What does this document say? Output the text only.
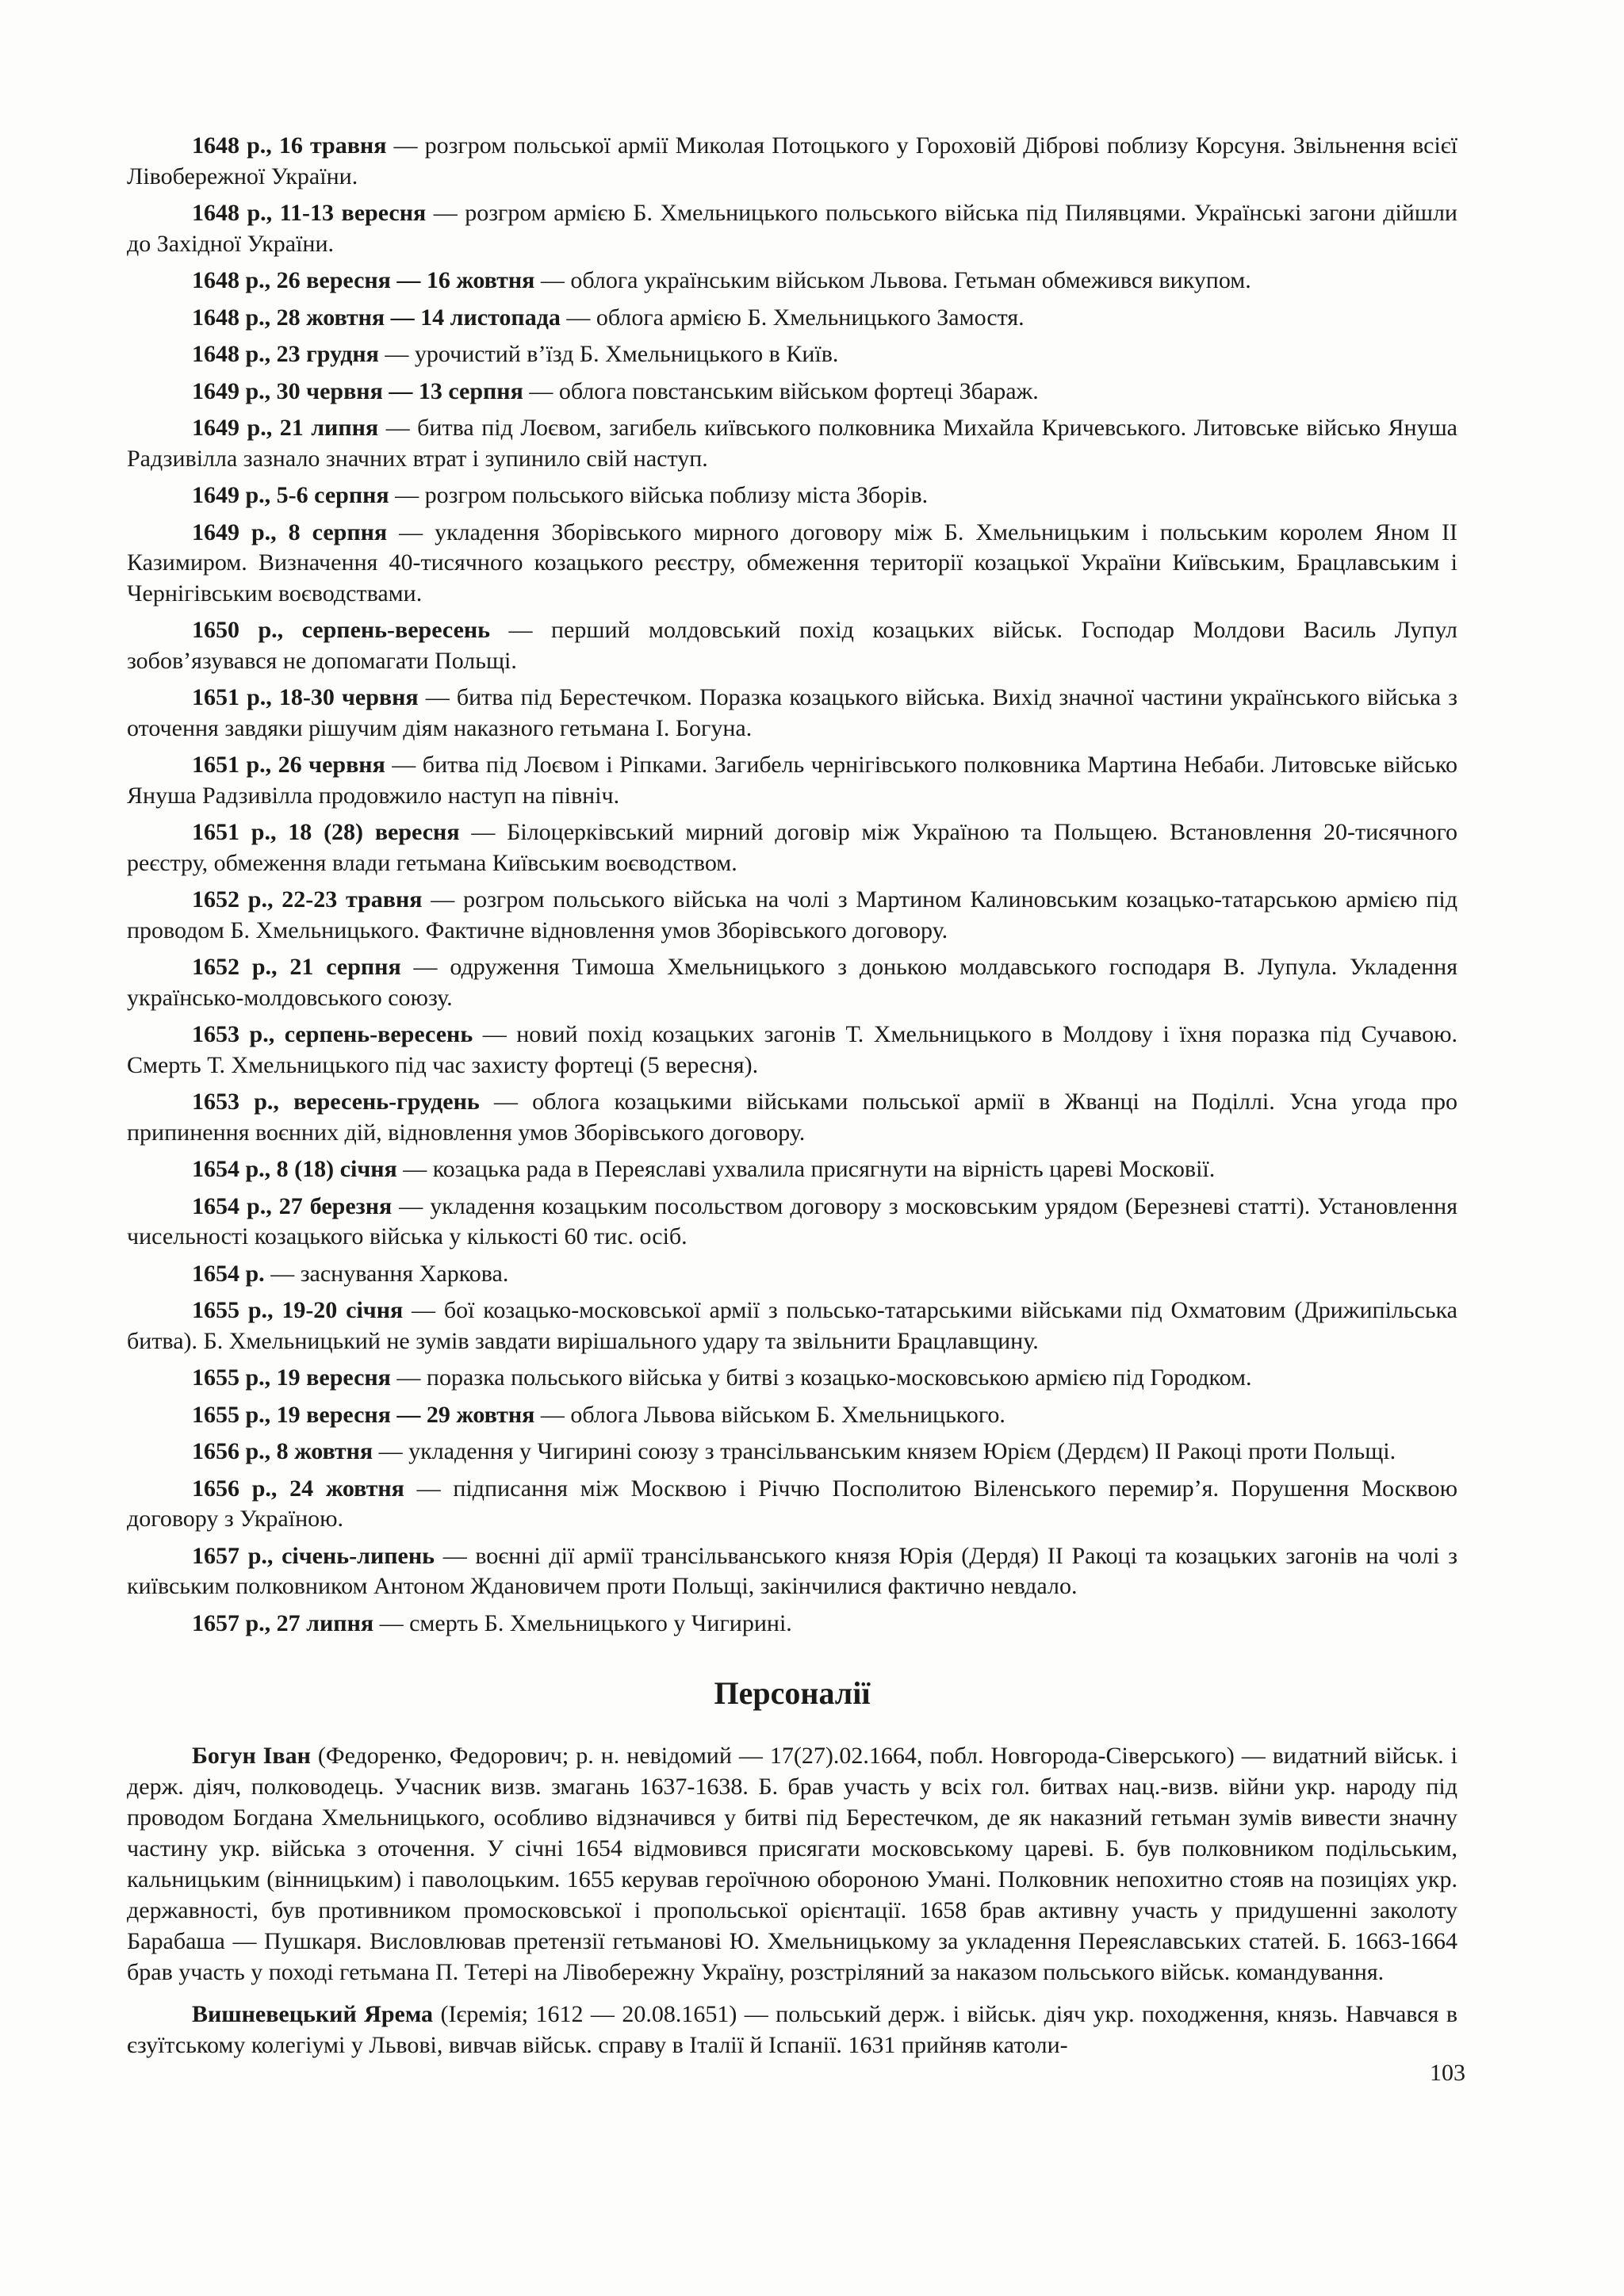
1648 р., 16 травня — розгром польської армії Миколая Потоцького у Гороховій Діброві поблизу Корсуня. Звільнення всієї Лівобережної України.

1648 р., 11-13 вересня — розгром армією Б. Хмельницького польського війська під Пилявцями. Українські загони дійшли до Західної України.

1648 р., 26 вересня — 16 жовтня — облога українським військом Львова. Гетьман обмежився викупом.

1648 р., 28 жовтня — 14 листопада — облога армією Б. Хмельницького Замостя.

1648 р., 23 грудня — урочистий в’їзд Б. Хмельницького в Київ.

1649 р., 30 червня — 13 серпня — облога повстанським військом фортеці Збараж.

1649 р., 21 липня — битва під Лоєвом, загибель київського полковника Михайла Кричевського. Литовське військо Януша Радзивілла зазнало значних втрат і зупинило свій наступ.

1649 р., 5-6 серпня — розгром польського війська поблизу міста Зборів.

1649 р., 8 серпня — укладення Зборівського мирного договору між Б. Хмельницьким і польським королем Яном II Казимиром. Визначення 40-тисячного козацького реєстру, обмеження території козацької України Київським, Брацлавським і Чернігівським воєводствами.

1650 р., серпень-вересень — перший молдовський похід козацьких військ. Господар Молдови Василь Лупул зобов’язувався не допомагати Польщі.

1651 р., 18-30 червня — битва під Берестечком. Поразка козацького війська. Вихід значної частини українського війська з оточення завдяки рішучим діям наказного гетьмана І. Богуна.

1651 р., 26 червня — битва під Лоєвом і Ріпками. Загибель чернігівського полковника Мартина Небаби. Литовське військо Януша Радзивілла продовжило наступ на північ.

1651 р., 18 (28) вересня — Білоцерківський мирний договір між Україною та Польщею. Встановлення 20-тисячного реєстру, обмеження влади гетьмана Київським воєводством.

1652 р., 22-23 травня — розгром польського війська на чолі з Мартином Калиновським козацько-татарською армією під проводом Б. Хмельницького. Фактичне відновлення умов Зборівського договору.

1652 р., 21 серпня — одруження Тимоша Хмельницького з донькою молдавського господаря В. Лупула. Укладення українсько-молдовського союзу.

1653 р., серпень-вересень — новий похід козацьких загонів Т. Хмельницького в Молдову і їхня поразка під Сучавою. Смерть Т. Хмельницького під час захисту фортеці (5 вересня).

1653 р., вересень-грудень — облога козацькими військами польської армії в Жванці на Поділлі. Усна угода про припинення воєнних дій, відновлення умов Зборівського договору.

1654 р., 8 (18) січня — козацька рада в Переяславі ухвалила присягнути на вірність цареві Московії.

1654 р., 27 березня — укладення козацьким посольством договору з московським урядом (Березневі статті). Установлення чисельності козацького війська у кількості 60 тис. осіб.

1654 р. — заснування Харкова.

1655 р., 19-20 січня — бої козацько-московської армії з польсько-татарськими військами під Охматовим (Дрижипільська битва). Б. Хмельницький не зумів завдати вирішального удару та звільнити Брацлавщину.

1655 р., 19 вересня — поразка польського війська у битві з козацько-московською армією під Городком.

1655 р., 19 вересня — 29 жовтня — облога Львова військом Б. Хмельницького.

1656 р., 8 жовтня — укладення у Чигирині союзу з трансільванським князем Юрієм (Дердєм) II Ракоці проти Польщі.

1656 р., 24 жовтня — підписання між Москвою і Річчю Посполитою Віленського перемир’я. Порушення Москвою договору з Україною.

1657 р., січень-липень — воєнні дії армії трансільванського князя Юрія (Дердя) II Ракоці та козацьких загонів на чолі з київським полковником Антоном Ждановичем проти Польщі, закінчилися фактично невдало.

1657 р., 27 липня — смерть Б. Хмельницького у Чигирині.

Персоналії

Богун Іван (Федоренко, Федорович; р. н. невідомий — 17(27).02.1664, побл. Новгорода-Сіверського) — видатний військ. і держ. діяч, полководець. Учасник визв. змагань 1637-1638. Б. брав участь у всіх гол. битвах нац.-визв. війни укр. народу під проводом Богдана Хмельницького, особливо відзначився у битві під Берестечком, де як наказний гетьман зумів вивести значну частину укр. війська з оточення. У січні 1654 відмовився присягати московському цареві. Б. був полковником подільським, кальницьким (вінницьким) і паволоцьким. 1655 керував героїчною обороною Умані. Полковник непохитно стояв на позиціях укр. державності, був противником промосковської і пропольської орієнтації. 1658 брав активну участь у придушенні заколоту Барабаша — Пушкаря. Висловлював претензії гетьманові Ю. Хмельницькому за укладення Переяславських статей. Б. 1663-1664 брав участь у поході гетьмана П. Тетері на Лівобережну Україну, розстріляний за наказом польського військ. командування.

Вишневецький Ярема (Ієремія; 1612 — 20.08.1651) — польський держ. і військ. діяч укр. походження, князь. Навчався в єзуїтському колегіумі у Львові, вивчав військ. справу в Італії й Іспанії. 1631 прийняв католи-

103
